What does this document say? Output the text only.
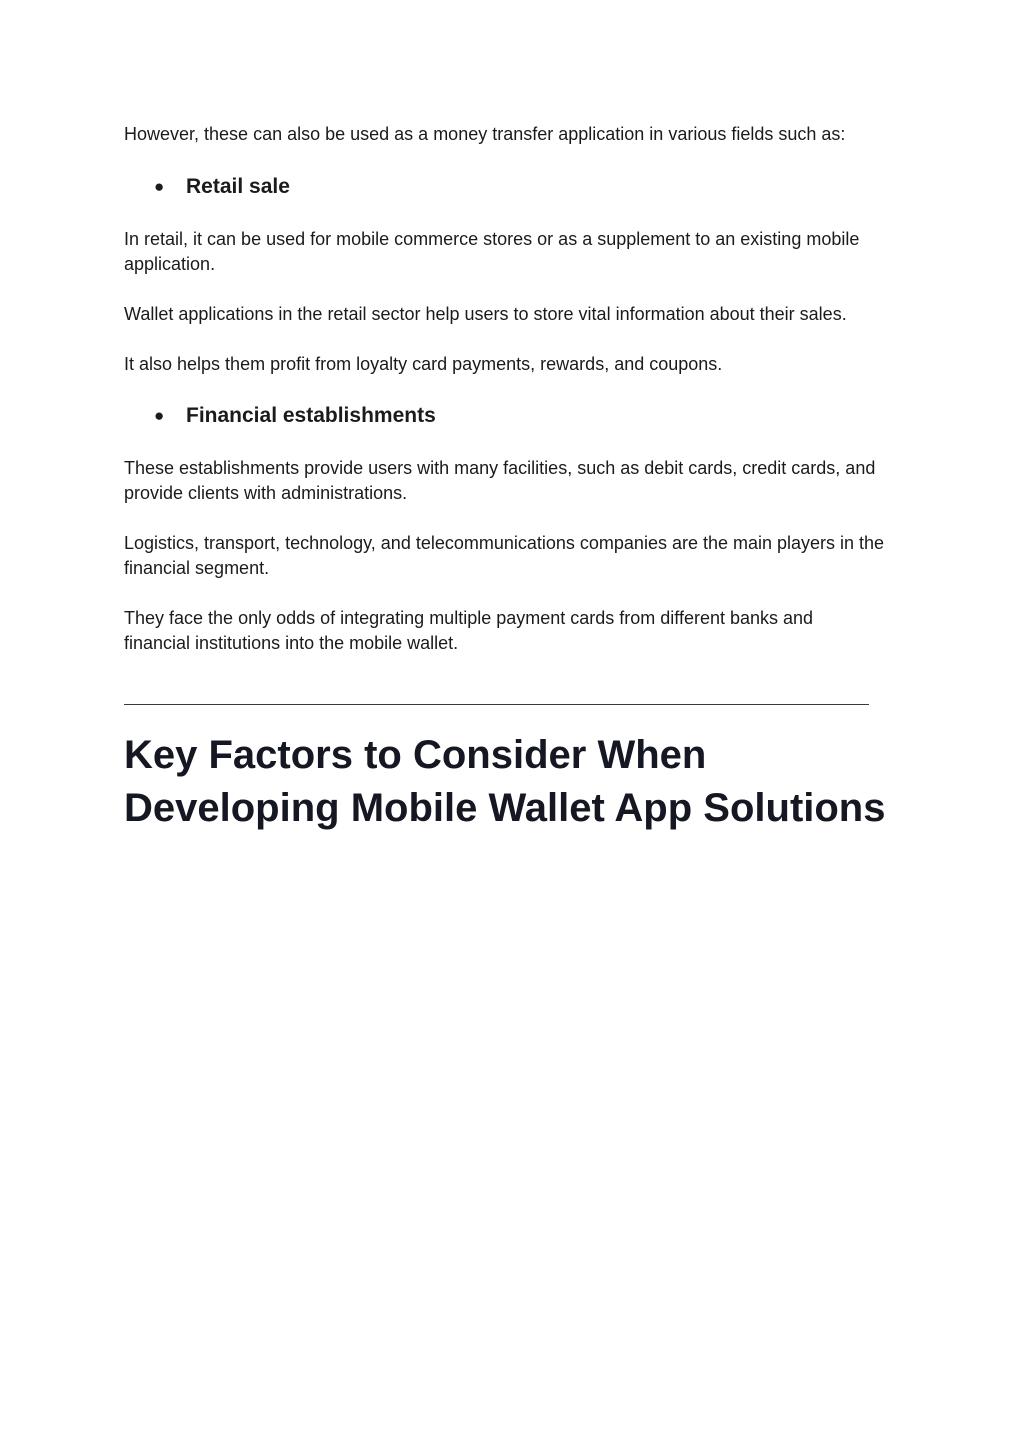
However, these can also be used as a money transfer application in various fields such as:

● Retail sale

In retail, it can be used for mobile commerce stores or as a supplement to an existing mobile application.

Wallet applications in the retail sector help users to store vital information about their sales.

It also helps them profit from loyalty card payments, rewards, and coupons.

● Financial establishments

These establishments provide users with many facilities, such as debit cards, credit cards, and provide clients with administrations.

Logistics, transport, technology, and telecommunications companies are the main players in the financial segment.

They face the only odds of integrating multiple payment cards from different banks and financial institutions into the mobile wallet.

Key Factors to Consider When Developing Mobile Wallet App Solutions
